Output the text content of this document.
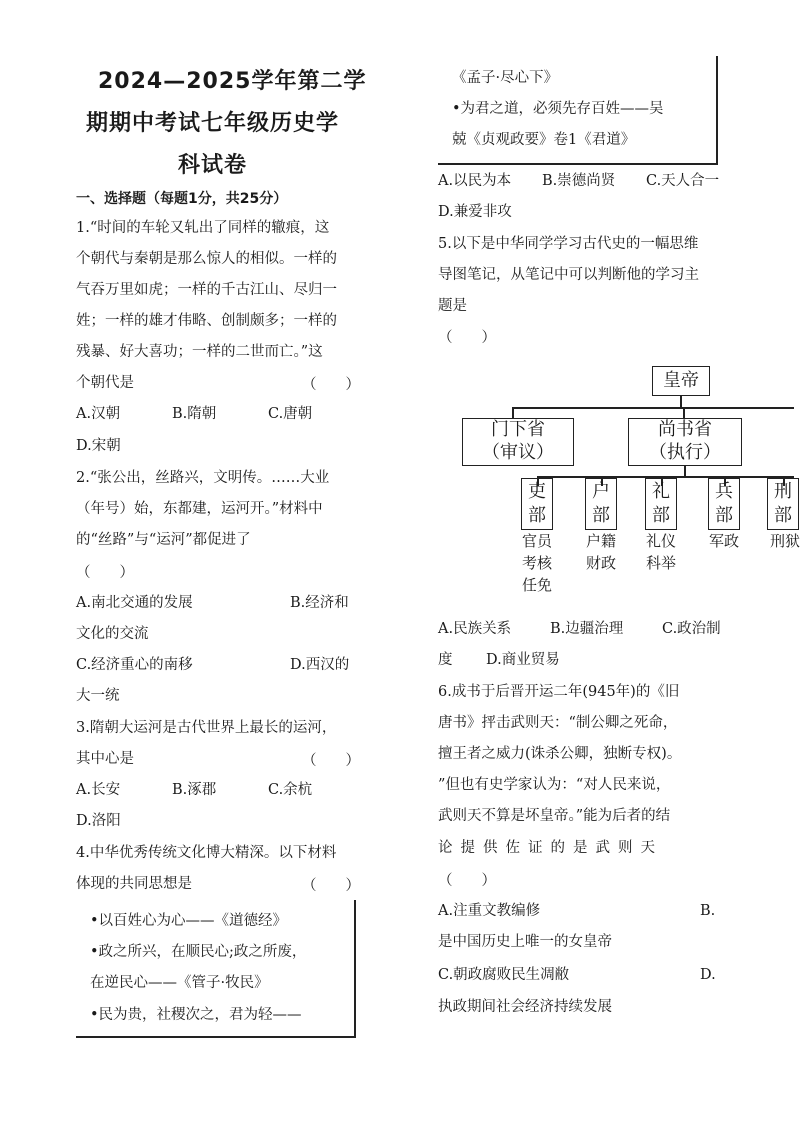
2024—2025学年第二学
期期中考试七年级历史学
科试卷
一、选择题（每题1分，共25分）
1.“时间的车轮又轧出了同样的辙痕，这
个朝代与秦朝是那么惊人的相似。一样的
气吞万里如虎；一样的千古江山、尽归一
姓；一样的雄才伟略、创制颇多；一样的
残暴、好大喜功；一样的二世而亡。”这
个朝代是	（　　）
A.汉朝	B.隋朝	C.唐朝
D.宋朝
2.“张公出，丝路兴，文明传。……大业
（年号）始，东都建，运河开。”材料中
的“丝路”与“运河”都促进了
（　　）
A.南北交通的发展	B.经济和
文化的交流
C.经济重心的南移	D.西汉的
大一统
3.隋朝大运河是古代世界上最长的运河，
其中心是	（　　）
A.长安	B.涿郡	C.余杭
D.洛阳
4.中华优秀传统文化博大精深。以下材料
体现的共同思想是	（　　）
•以百姓心为心——《道德经》
•政之所兴，在顺民心;政之所废，
在逆民心——《管子·牧民》
•民为贵，社稷次之，君为轻——
《孟子·尽心下》
•为君之道，必须先存百姓——吴
兢《贞观政要》卷1《君道》
A.以民为本 B.崇德尚贤 C.天人合一
D.兼爱非攻
5.以下是中华同学学习古代史的一幅思维
导图笔记，从笔记中可以判断他的学习主
题是
（　　）
皇帝
门下省
（审议）
尚书省
（执行）
吏
部
官员
考核
任免
户
部
户籍
财政
礼
部
礼仪
科举
兵
部
军政
刑
部
刑狱
A.民族关系	B.边疆治理	C.政治制
度 D.商业贸易
6.成书于后晋开运二年(945年)的《旧
唐书》抨击武则天：“制公卿之死命，
擅王者之威力(诛杀公卿，独断专权)。
”但也有史学家认为：“对人民来说，
武则天不算是坏皇帝。”能为后者的结
论提供佐证的是武则天
（　　）
A.注重文教编修	B.
是中国历史上唯一的女皇帝
C.朝政腐败民生凋敝	D.
执政期间社会经济持续发展
